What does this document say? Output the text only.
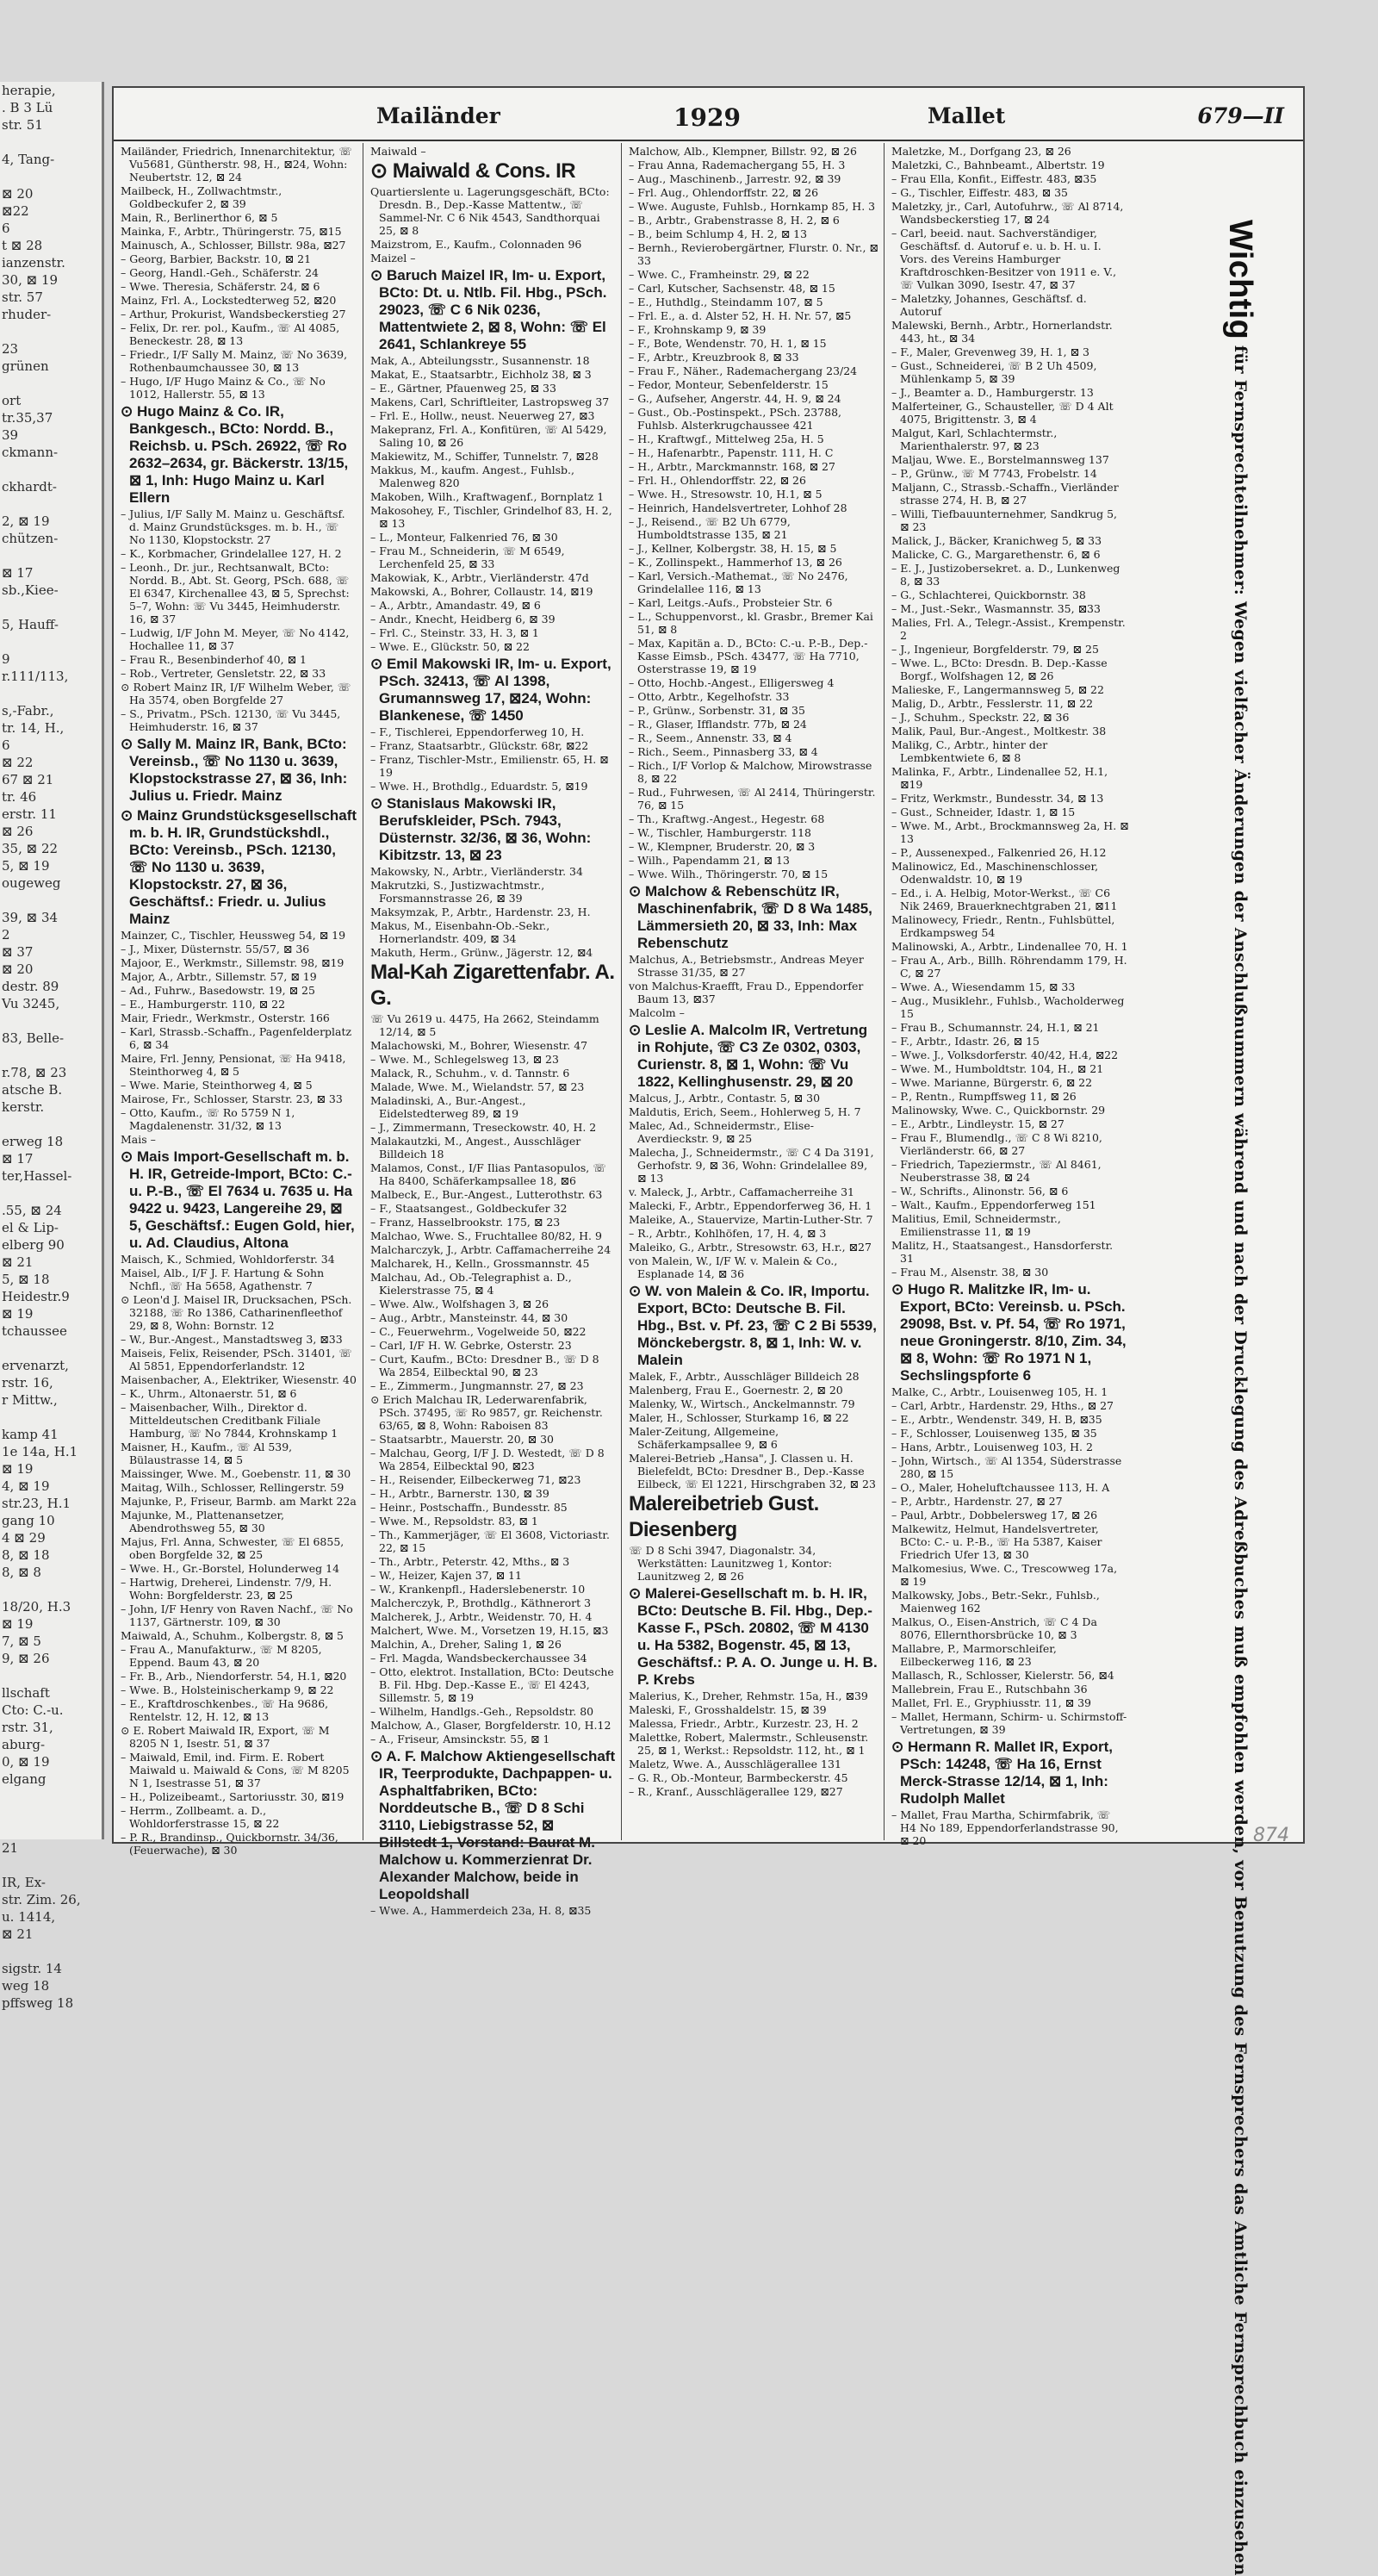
herapie,
. B 3 Lü
str. 51

4, Tang-

⊠ 20
⊠22
6
t ⊠ 28
ianzenstr.
30, ⊠ 19
str. 57
rhuder-

23
grünen

ort
tr.35,37
39
ckmann-

ckhardt-

2, ⊠ 19
chützen-

⊠ 17
sb.,Kiee-

5, Hauff-

9
r.111/113,

s,-Fabr.,
tr. 14, H.,
6
⊠ 22
67 ⊠ 21
tr. 46
erstr. 11
⊠ 26
35, ⊠ 22
5, ⊠ 19
ougeweg

39, ⊠ 34
2
⊠ 37
⊠ 20
destr. 89
Vu 3245,

83, Belle-

r.78, ⊠ 23
atsche B.
kerstr.

erweg 18
⊠ 17
ter,Hassel-

.55, ⊠ 24
el & Lip-
elberg 90
⊠ 21
5, ⊠ 18
Heidestr.9
⊠ 19
tchaussee

ervenarzt,
rstr. 16,
r Mittw.,

kamp 41
1e 14a, H.1
⊠ 19
4, ⊠ 19
str.23, H.1
gang 10
4 ⊠ 29
8, ⊠ 18
8, ⊠ 8

18/20, H.3
⊠ 19
7, ⊠ 5
9, ⊠ 26

llschaft
Cto: C.-u.
rstr. 31,
aburg-
0, ⊠ 19
elgang

21

IR, Ex-
str. Zim. 26,
u. 1414,
⊠ 21

sigstr. 14
weg 18
pffsweg 18
Mailänder	1929	Mallet	679—II
Mailänder, Friedrich, Innenarchitektur, ☏ Vu5681, Güntherstr. 98, H., ⊠24, Wohn: Neubertstr. 12, ⊠ 24
Mailbeck, H., Zollwachtmstr., Goldbeckufer 2, ⊠ 39
Main, R., Berlinerthor 6, ⊠ 5
Mainka, F., Arbtr., Thüringerstr. 75, ⊠15
Mainusch, A., Schlosser, Billstr. 98a, ⊠27
– Georg, Barbier, Backstr. 10, ⊠ 21
– Georg, Handl.-Geh., Schäferstr. 24
– Wwe. Theresia, Schäferstr. 24, ⊠ 6
Mainz, Frl. A., Lockstedterweg 52, ⊠20
– Arthur, Prokurist, Wandsbeckerstieg 27
– Felix, Dr. rer. pol., Kaufm., ☏ Al 4085, Beneckestr. 28, ⊠ 13
– Friedr., I/F Sally M. Mainz, ☏ No 3639, Rothenbaumchaussee 30, ⊠ 13
– Hugo, I/F Hugo Mainz & Co., ☏ No 1012, Hallerstr. 55, ⊠ 13
⊙ Hugo Mainz & Co. IR, Bankgesch., BCto: Nordd. B., Reichsb. u. PSch. 26922, ☏ Ro 2632–2634, gr. Bäckerstr. 13/15, ⊠ 1, Inh: Hugo Mainz u. Karl Ellern
– Julius, I/F Sally M. Mainz u. Geschäftsf. d. Mainz Grundstücksges. m. b. H., ☏ No 1130, Klopstockstr. 27
– K., Korbmacher, Grindelallee 127, H. 2
– Leonh., Dr. jur., Rechtsanwalt, BCto: Nordd. B., Abt. St. Georg, PSch. 688, ☏ El 6347, Kirchenallee 43, ⊠ 5, Sprechst: 5–7, Wohn: ☏ Vu 3445, Heimhuderstr. 16, ⊠ 37
– Ludwig, I/F John M. Meyer, ☏ No 4142, Hochallee 11, ⊠ 37
– Frau R., Besenbinderhof 40, ⊠ 1
– Rob., Vertreter, Gensletstr. 22, ⊠ 33
⊙ Robert Mainz IR, I/F Wilhelm Weber, ☏ Ha 3574, oben Borgfelde 27
– S., Privatm., PSch. 12130, ☏ Vu 3445, Heimhuderstr. 16, ⊠ 37
⊙ Sally M. Mainz IR, Bank, BCto: Vereinsb., ☏ No 1130 u. 3639, Klopstockstrasse 27, ⊠ 36, Inh: Julius u. Friedr. Mainz
⊙ Mainz Grundstücksgesellschaft m. b. H. IR, Grundstückshdl., BCto: Vereinsb., PSch. 12130, ☏ No 1130 u. 3639, Klopstockstr. 27, ⊠ 36, Geschäftsf.: Friedr. u. Julius Mainz
Mainzer, C., Tischler, Heussweg 54, ⊠ 19
– J., Mixer, Düsternstr. 55/57, ⊠ 36
Majoor, E., Werkmstr., Sillemstr. 98, ⊠19
Major, A., Arbtr., Sillemstr. 57, ⊠ 19
– Ad., Fuhrw., Basedowstr. 19, ⊠ 25
– E., Hamburgerstr. 110, ⊠ 22
Mair, Friedr., Werkmstr., Osterstr. 166
– Karl, Strassb.-Schaffn., Pagenfelderplatz 6, ⊠ 34
Maire, Frl. Jenny, Pensionat, ☏ Ha 9418, Steinthorweg 4, ⊠ 5
– Wwe. Marie, Steinthorweg 4, ⊠ 5
Mairose, Fr., Schlosser, Starstr. 23, ⊠ 33
– Otto, Kaufm., ☏ Ro 5759 N 1, Magdalenenstr. 31/32, ⊠ 13
Mais –
⊙ Mais Import-Gesellschaft m. b. H. IR, Getreide-Import, BCto: C.- u. P.-B., ☏ El 7634 u. 7635 u. Ha 9422 u. 9423, Langereihe 29, ⊠ 5, Geschäftsf.: Eugen Gold, hier, u. Ad. Claudius, Altona
Maisch, K., Schmied, Wohldorferstr. 34
Maisel, Alb., I/F J. F. Hartung & Sohn Nchfl., ☏ Ha 5658, Agathenstr. 7
⊙ Leon'd J. Maisel IR, Drucksachen, PSch. 32188, ☏ Ro 1386, Catharinenfleethof 29, ⊠ 8, Wohn: Bornstr. 12
– W., Bur.-Angest., Manstadtsweg 3, ⊠33
Maiseis, Felix, Reisender, PSch. 31401, ☏ Al 5851, Eppendorferlandstr. 12
Maisenbacher, A., Elektriker, Wiesenstr. 40
– K., Uhrm., Altonaerstr. 51, ⊠ 6
– Maisenbacher, Wilh., Direktor d. Mitteldeutschen Creditbank Filiale Hamburg, ☏ No 7844, Krohnskamp 1
Maisner, H., Kaufm., ☏ Al 539, Bülaustrasse 14, ⊠ 5
Maissinger, Wwe. M., Goebenstr. 11, ⊠ 30
Maitag, Wilh., Schlosser, Rellingerstr. 59
Majunke, P., Friseur, Barmb. am Markt 22a
Majunke, M., Plattenansetzer, Abendrothsweg 55, ⊠ 30
Majus, Frl. Anna, Schwester, ☏ El 6855, oben Borgfelde 32, ⊠ 25
– Wwe. H., Gr.-Borstel, Holunderweg 14
– Hartwig, Dreherei, Lindenstr. 7/9, H. Wohn: Borgfelderstr. 23, ⊠ 25
– John, I/F Henry von Raven Nachf., ☏ No 1137, Gärtnerstr. 109, ⊠ 30
Maiwald, A., Schuhm., Kolbergstr. 8, ⊠ 5
– Frau A., Manufakturw., ☏ M 8205, Eppend. Baum 43, ⊠ 20
– Fr. B., Arb., Niendorferstr. 54, H.1, ⊠20
– Wwe. B., Holsteinischerkamp 9, ⊠ 22
– E., Kraftdroschkenbes., ☏ Ha 9686, Rentelstr. 12, H. 12, ⊠ 13
⊙ E. Robert Maiwald IR, Export, ☏ M 8205 N 1, Isestr. 51, ⊠ 37
– Maiwald, Emil, ind. Firm. E. Robert Maiwald u. Maiwald & Cons, ☏ M 8205 N 1, Isestrasse 51, ⊠ 37
– H., Polizeibeamt., Sartoriusstr. 30, ⊠19
– Herrm., Zollbeamt. a. D., Wohldorferstrasse 15, ⊠ 22
– P. R., Brandinsp., Quickbornstr. 34/36, (Feuerwache), ⊠ 30
Maiwald –
⊙ Maiwald & Cons. IR
Quartierslente u. Lagerungsgeschäft, BCto: Dresdn. B., Dep.-Kasse Mattentw., ☏ Sammel-Nr. C 6 Nik 4543, Sandthorquai 25, ⊠ 8
Maizstrom, E., Kaufm., Colonnaden 96
Maizel –
⊙ Baruch Maizel IR, Im- u. Export, BCto: Dt. u. Ntlb. Fil. Hbg., PSch. 29023, ☏ C 6 Nik 0236, Mattentwiete 2, ⊠ 8, Wohn: ☏ El 2641, Schlankreye 55
Mak, A., Abteilungsstr., Susannenstr. 18
Makat, E., Staatsarbtr., Eichholz 38, ⊠ 3
– E., Gärtner, Pfauenweg 25, ⊠ 33
Makens, Carl, Schriftleiter, Lastropsweg 37
– Frl. E., Hollw., neust. Neuerweg 27, ⊠3
Makepranz, Frl. A., Konfitüren, ☏ Al 5429, Saling 10, ⊠ 26
Makiewitz, M., Schiffer, Tunnelstr. 7, ⊠28
Makkus, M., kaufm. Angest., Fuhlsb., Malenweg 820
Makoben, Wilh., Kraftwagenf., Bornplatz 1
Makosohey, F., Tischler, Grindelhof 83, H. 2, ⊠ 13
– L., Monteur, Falkenried 76, ⊠ 30
– Frau M., Schneiderin, ☏ M 6549, Lerchenfeld 25, ⊠ 33
Makowiak, K., Arbtr., Vierländerstr. 47d
Makowski, A., Bohrer, Collaustr. 14, ⊠19
– A., Arbtr., Amandastr. 49, ⊠ 6
– Andr., Knecht, Heidberg 6, ⊠ 39
– Frl. C., Steinstr. 33, H. 3, ⊠ 1
– Wwe. E., Glückstr. 50, ⊠ 22
⊙ Emil Makowski IR, Im- u. Export, PSch. 32413, ☏ Al 1398, Grumannsweg 17, ⊠24, Wohn: Blankenese, ☏ 1450
– F., Tischlerei, Eppendorferweg 10, H.
– Franz, Staatsarbtr., Glückstr. 68r, ⊠22
– Franz, Tischler-Mstr., Emilienstr. 65, H. ⊠ 19
– Wwe. H., Brothdlg., Eduardstr. 5, ⊠19
⊙ Stanislaus Makowski IR, Berufskleider, PSch. 7943, Düsternstr. 32/36, ⊠ 36, Wohn: Kibitzstr. 13, ⊠ 23
Makowsky, N., Arbtr., Vierländerstr. 34
Makrutzki, S., Justizwachtmstr., Forsmannstrasse 26, ⊠ 39
Maksymzak, P., Arbtr., Hardenstr. 23, H.
Makus, M., Eisenbahn-Ob.-Sekr., Hornerlandstr. 409, ⊠ 34
Makuth, Herm., Grünw., Jägerstr. 12, ⊠4
Mal-Kah Zigarettenfabr. A. G.
☏ Vu 2619 u. 4475, Ha 2662, Steindamm 12/14, ⊠ 5
Malachowski, M., Bohrer, Wiesenstr. 47
– Wwe. M., Schlegelsweg 13, ⊠ 23
Malack, R., Schuhm., v. d. Tannstr. 6
Malade, Wwe. M., Wielandstr. 57, ⊠ 23
Maladinski, A., Bur.-Angest., Eidelstedterweg 89, ⊠ 19
– J., Zimmermann, Treseckowstr. 40, H. 2
Malakautzki, M., Angest., Ausschläger Billdeich 18
Malamos, Const., I/F Ilias Pantasopulos, ☏ Ha 8400, Schäferkampsallee 18, ⊠6
Malbeck, E., Bur.-Angest., Lutterothstr. 63
– F., Staatsangest., Goldbeckufer 32
– Franz, Hasselbrookstr. 175, ⊠ 23
Malchao, Wwe. S., Fruchtallee 80/82, H. 9
Malcharczyk, J., Arbtr. Caffamacherreihe 24
Malcharek, H., Kelln., Grossmannstr. 45
Malchau, Ad., Ob.-Telegraphist a. D., Kielerstrasse 75, ⊠ 4
– Wwe. Alw., Wolfshagen 3, ⊠ 26
– Aug., Arbtr., Mansteinstr. 44, ⊠ 30
– C., Feuerwehrm., Vogelweide 50, ⊠22
– Carl, I/F H. W. Gebrke, Osterstr. 23
– Curt, Kaufm., BCto: Dresdner B., ☏ D 8 Wa 2854, Eilbecktal 90, ⊠ 23
– E., Zimmerm., Jungmannstr. 27, ⊠ 23
⊙ Erich Malchau IR, Lederwarenfabrik, PSch. 37495, ☏ Ro 9857, gr. Reichenstr. 63/65, ⊠ 8, Wohn: Raboisen 83
– Staatsarbtr., Mauerstr. 20, ⊠ 30
– Malchau, Georg, I/F J. D. Westedt, ☏ D 8 Wa 2854, Eilbecktal 90, ⊠23
– H., Reisender, Eilbeckerweg 71, ⊠23
– H., Arbtr., Barnerstr. 130, ⊠ 39
– Heinr., Postschaffn., Bundesstr. 85
– Wwe. M., Repsoldstr. 83, ⊠ 1
– Th., Kammerjäger, ☏ El 3608, Victoriastr. 22, ⊠ 15
– Th., Arbtr., Peterstr. 42, Mths., ⊠ 3
– W., Heizer, Kajen 37, ⊠ 11
– W., Krankenpfl., Haderslebenerstr. 10
Malcherczyk, P., Brothdlg., Käthnerort 3
Malcherek, J., Arbtr., Weidenstr. 70, H. 4
Malchert, Wwe. M., Vorsetzen 19, H.15, ⊠3
Malchin, A., Dreher, Saling 1, ⊠ 26
– Frl. Magda, Wandsbeckerchaussee 34
– Otto, elektrot. Installation, BCto: Deutsche B. Fil. Hbg. Dep.-Kasse E., ☏ El 4243, Sillemstr. 5, ⊠ 19
– Wilhelm, Handlgs.-Geh., Repsoldstr. 80
Malchow, A., Glaser, Borgfelderstr. 10, H.12
– A., Friseur, Amsinckstr. 55, ⊠ 1
⊙ A. F. Malchow Aktiengesellschaft IR, Teerprodukte, Dachpappen- u. Asphaltfabriken, BCto: Norddeutsche B., ☏ D 8 Schi 3110, Liebigstrasse 52, ⊠ Billstedt 1, Vorstand: Baurat M. Malchow u. Kommerzienrat Dr. Alexander Malchow, beide in Leopoldshall
– Wwe. A., Hammerdeich 23a, H. 8, ⊠35
Malchow, Alb., Klempner, Billstr. 92, ⊠ 26
– Frau Anna, Rademachergang 55, H. 3
– Aug., Maschinenb., Jarrestr. 92, ⊠ 39
– Frl. Aug., Ohlendorffstr. 22, ⊠ 26
– Wwe. Auguste, Fuhlsb., Hornkamp 85, H. 3
– B., Arbtr., Grabenstrasse 8, H. 2, ⊠ 6
– B., beim Schlump 4, H. 2, ⊠ 13
– Bernh., Revierobergärtner, Flurstr. 0. Nr., ⊠ 33
– Wwe. C., Framheinstr. 29, ⊠ 22
– Carl, Kutscher, Sachsenstr. 48, ⊠ 15
– E., Huthdlg., Steindamm 107, ⊠ 5
– Frl. E., a. d. Alster 52, H. H. Nr. 57, ⊠5
– F., Krohnskamp 9, ⊠ 39
– F., Bote, Wendenstr. 70, H. 1, ⊠ 15
– F., Arbtr., Kreuzbrook 8, ⊠ 33
– Frau F., Näher., Rademachergang 23/24
– Fedor, Monteur, Sebenfelderstr. 15
– G., Aufseher, Angerstr. 44, H. 9, ⊠ 24
– Gust., Ob.-Postinspekt., PSch. 23788, Fuhlsb. Alsterkrugchaussee 421
– H., Kraftwgf., Mittelweg 25a, H. 5
– H., Hafenarbtr., Papenstr. 111, H. C
– H., Arbtr., Marckmannstr. 168, ⊠ 27
– Frl. H., Ohlendorffstr. 22, ⊠ 26
– Wwe. H., Stresowstr. 10, H.1, ⊠ 5
– Heinrich, Handelsvertreter, Lohhof 28
– J., Reisend., ☏ B2 Uh 6779, Humboldtstrasse 135, ⊠ 21
– J., Kellner, Kolbergstr. 38, H. 15, ⊠ 5
– K., Zollinspekt., Hammerhof 13, ⊠ 26
– Karl, Versich.-Mathemat., ☏ No 2476, Grindelallee 116, ⊠ 13
– Karl, Leitgs.-Aufs., Probsteier Str. 6
– L., Schuppenvorst., kl. Grasbr., Bremer Kai 51, ⊠ 8
– Max, Kapitän a. D., BCto: C.-u. P.-B., Dep.-Kasse Eimsb., PSch. 43477, ☏ Ha 7710, Osterstrasse 19, ⊠ 19
– Otto, Hochb.-Angest., Elligersweg 4
– Otto, Arbtr., Kegelhofstr. 33
– P., Grünw., Sorbenstr. 31, ⊠ 35
– R., Glaser, Ifflandstr. 77b, ⊠ 24
– R., Seem., Annenstr. 33, ⊠ 4
– Rich., Seem., Pinnasberg 33, ⊠ 4
– Rich., I/F Vorlop & Malchow, Mirowstrasse 8, ⊠ 22
– Rud., Fuhrwesen, ☏ Al 2414, Thüringerstr. 76, ⊠ 15
– Th., Kraftwg.-Angest., Hegestr. 68
– W., Tischler, Hamburgerstr. 118
– W., Klempner, Bruderstr. 20, ⊠ 3
– Wilh., Papendamm 21, ⊠ 13
– Wwe. Wilh., Thöringerstr. 70, ⊠ 15
⊙ Malchow & Rebenschütz IR, Maschinenfabrik, ☏ D 8 Wa 1485, Lämmersieth 20, ⊠ 33, Inh: Max Rebenschutz
Malchus, A., Betriebsmstr., Andreas Meyer Strasse 31/35, ⊠ 27
von Malchus-Kraefft, Frau D., Eppendorfer Baum 13, ⊠37
Malcolm –
⊙ Leslie A. Malcolm IR, Vertretung in Rohjute, ☏ C3 Ze 0302, 0303, Curienstr. 8, ⊠ 1, Wohn: ☏ Vu 1822, Kellinghusenstr. 29, ⊠ 20
Malcus, J., Arbtr., Contastr. 5, ⊠ 30
Maldutis, Erich, Seem., Hohlerweg 5, H. 7
Malec, Ad., Schneidermstr., Elise-Averdieckstr. 9, ⊠ 25
Malecha, J., Schneidermstr., ☏ C 4 Da 3191, Gerhofstr. 9, ⊠ 36, Wohn: Grindelallee 89, ⊠ 13
v. Maleck, J., Arbtr., Caffamacherreihe 31
Malecki, F., Arbtr., Eppendorferweg 36, H. 1
Maleike, A., Stauervize, Martin-Luther-Str. 7
– R., Arbtr., Kohlhöfen, 17, H. 4, ⊠ 3
Maleiko, G., Arbtr., Stresowstr. 63, H.r., ⊠27
von Malein, W., I/F W. v. Malein & Co., Esplanade 14, ⊠ 36
⊙ W. von Malein & Co. IR, Importu. Export, BCto: Deutsche B. Fil. Hbg., Bst. v. Pf. 23, ☏ C 2 Bi 5539, Mönckebergstr. 8, ⊠ 1, Inh: W. v. Malein
Malek, F., Arbtr., Ausschläger Billdeich 28
Malenberg, Frau E., Goernestr. 2, ⊠ 20
Malenky, W., Wirtsch., Anckelmannstr. 79
Maler, H., Schlosser, Sturkamp 16, ⊠ 22
Maler-Zeitung, Allgemeine, Schäferkampsallee 9, ⊠ 6
Malerei-Betrieb „Hansa", J. Classen u. H. Bielefeldt, BCto: Dresdner B., Dep.-Kasse Eilbeck, ☏ El 1221, Hirschgraben 32, ⊠ 23
Malereibetrieb Gust. Diesenberg
☏ D 8 Schi 3947, Diagonalstr. 34, Werkstätten: Launitzweg 1, Kontor: Launitzweg 2, ⊠ 26
⊙ Malerei-Gesellschaft m. b. H. IR, BCto: Deutsche B. Fil. Hbg., Dep.-Kasse F., PSch. 20802, ☏ M 4130 u. Ha 5382, Bogenstr. 45, ⊠ 13, Geschäftsf.: P. A. O. Junge u. H. B. P. Krebs
Malerius, K., Dreher, Rehmstr. 15a, H., ⊠39
Maleski, F., Grosshaldelstr. 15, ⊠ 39
Malessa, Friedr., Arbtr., Kurzestr. 23, H. 2
Malettke, Robert, Malermstr., Schleusenstr. 25, ⊠ 1, Werkst.: Repsoldstr. 112, ht., ⊠ 1
Maletz, Wwe. A., Ausschlägerallee 131
– G. R., Ob.-Monteur, Barmbeckerstr. 45
– R., Kranf., Ausschlägerallee 129, ⊠27
Maletzke, M., Dorfgang 23, ⊠ 26
Maletzki, C., Bahnbeamt., Albertstr. 19
– Frau Ella, Konfit., Eiffestr. 483, ⊠35
– G., Tischler, Eiffestr. 483, ⊠ 35
Maletzky, jr., Carl, Autofuhrw., ☏ Al 8714, Wandsbeckerstieg 17, ⊠ 24
– Carl, beeid. naut. Sachverständiger, Geschäftsf. d. Autoruf e. u. b. H. u. I. Vors. des Vereins Hamburger Kraftdroschken-Besitzer von 1911 e. V., ☏ Vulkan 3090, Isestr. 47, ⊠ 37
– Maletzky, Johannes, Geschäftsf. d. Autoruf
Malewski, Bernh., Arbtr., Hornerlandstr. 443, ht., ⊠ 34
– F., Maler, Grevenweg 39, H. 1, ⊠ 3
– Gust., Schneiderei, ☏ B 2 Uh 4509, Mühlenkamp 5, ⊠ 39
– J., Beamter a. D., Hamburgerstr. 13
Malferteiner, G., Schausteller, ☏ D 4 Alt 4075, Brigittenstr. 3, ⊠ 4
Malgut, Karl, Schlachtermstr., Marienthalerstr. 97, ⊠ 23
Maljau, Wwe. E., Borstelmannsweg 137
– P., Grünw., ☏ M 7743, Frobelstr. 14
Maljann, C., Strassb.-Schaffn., Vierländer strasse 274, H. B, ⊠ 27
– Willi, Tiefbauunternehmer, Sandkrug 5, ⊠ 23
Malick, J., Bäcker, Kranichweg 5, ⊠ 33
Malicke, C. G., Margarethenstr. 6, ⊠ 6
– E. J., Justizobersekret. a. D., Lunkenweg 8, ⊠ 33
– G., Schlachterei, Quickbornstr. 38
– M., Just.-Sekr., Wasmannstr. 35, ⊠33
Malies, Frl. A., Telegr.-Assist., Krempenstr. 2
– J., Ingenieur, Borgfelderstr. 79, ⊠ 25
– Wwe. L., BCto: Dresdn. B. Dep.-Kasse Borgf., Wolfshagen 12, ⊠ 26
Malieske, F., Langermannsweg 5, ⊠ 22
Malig, D., Arbtr., Fesslerstr. 11, ⊠ 22
– J., Schuhm., Speckstr. 22, ⊠ 36
Malik, Paul, Bur.-Angest., Moltkestr. 38
Malikg, C., Arbtr., hinter der Lembkentwiete 6, ⊠ 8
Malinka, F., Arbtr., Lindenallee 52, H.1, ⊠19
– Fritz, Werkmstr., Bundesstr. 34, ⊠ 13
– Gust., Schneider, Idastr. 1, ⊠ 15
– Wwe. M., Arbt., Brockmannsweg 2a, H. ⊠ 13
– P., Aussenexped., Falkenried 26, H.12
Malinowicz, Ed., Maschinenschlosser, Odenwaldstr. 10, ⊠ 19
– Ed., i. A. Helbig, Motor-Werkst., ☏ C6 Nik 2469, Brauerknechtgraben 21, ⊠11
Malinowecy, Friedr., Rentn., Fuhlsbüttel, Erdkampsweg 54
Malinowski, A., Arbtr., Lindenallee 70, H. 1
– Frau A., Arb., Billh. Röhrendamm 179, H. C, ⊠ 27
– Wwe. A., Wiesendamm 15, ⊠ 33
– Aug., Musiklehr., Fuhlsb., Wacholderweg 15
– Frau B., Schumannstr. 24, H.1, ⊠ 21
– F., Arbtr., Idastr. 26, ⊠ 15
– Wwe. J., Volksdorferstr. 40/42, H.4, ⊠22
– Wwe. M., Humboldtstr. 104, H., ⊠ 21
– Wwe. Marianne, Bürgerstr. 6, ⊠ 22
– P., Rentn., Rumpffsweg 11, ⊠ 26
Malinowsky, Wwe. C., Quickbornstr. 29
– E., Arbtr., Lindleystr. 15, ⊠ 27
– Frau F., Blumendlg., ☏ C 8 Wi 8210, Vierländerstr. 66, ⊠ 27
– Friedrich, Tapeziermstr., ☏ Al 8461, Neuberstrasse 38, ⊠ 24
– W., Schrifts., Alinonstr. 56, ⊠ 6
– Walt., Kaufm., Eppendorferweg 151
Malitius, Emil, Schneidermstr., Emilienstrasse 11, ⊠ 19
Malitz, H., Staatsangest., Hansdorferstr. 31
– Frau M., Alsenstr. 38, ⊠ 30
⊙ Hugo R. Malitzke IR, Im- u. Export, BCto: Vereinsb. u. PSch. 29098, Bst. v. Pf. 54, ☏ Ro 1971, neue Groningerstr. 8/10, Zim. 34, ⊠ 8, Wohn: ☏ Ro 1971 N 1, Sechslingspforte 6
Malke, C., Arbtr., Louisenweg 105, H. 1
– Carl, Arbtr., Hardenstr. 29, Hths., ⊠ 27
– E., Arbtr., Wendenstr. 349, H. B, ⊠35
– F., Schlosser, Louisenweg 135, ⊠ 35
– Hans, Arbtr., Louisenweg 103, H. 2
– John, Wirtsch., ☏ Al 1354, Süderstrasse 280, ⊠ 15
– O., Maler, Hoheluftchaussee 113, H. A
– P., Arbtr., Hardenstr. 27, ⊠ 27
– Paul, Arbtr., Dobbelersweg 17, ⊠ 26
Malkewitz, Helmut, Handelsvertreter, BCto: C.- u. P.-B., ☏ Ha 5387, Kaiser Friedrich Ufer 13, ⊠ 30
Malkomesius, Wwe. C., Trescowweg 17a, ⊠ 19
Malkowsky, Jobs., Betr.-Sekr., Fuhlsb., Maienweg 162
Malkus, O., Eisen-Anstrich, ☏ C 4 Da 8076, Ellernthorsbrücke 10, ⊠ 3
Mallabre, P., Marmorschleifer, Eilbeckerweg 116, ⊠ 23
Mallasch, R., Schlosser, Kielerstr. 56, ⊠4
Mallebrein, Frau E., Rutschbahn 36
Mallet, Frl. E., Gryphiusstr. 11, ⊠ 39
– Mallet, Hermann, Schirm- u. Schirmstoff-Vertretungen, ⊠ 39
⊙ Hermann R. Mallet IR, Export, PSch: 14248, ☏ Ha 16, Ernst Merck-Strasse 12/14, ⊠ 1, Inh: Rudolph Mallet
– Mallet, Frau Martha, Schirmfabrik, ☏ H4 No 189, Eppendorferlandstrasse 90, ⊠ 20
Wichtig für Fernsprechteilnehmer: Wegen vielfacher Änderungen der Anschlußnummern während und nach der Drucklegung des Adreßbuches muß empfohlen werden, vor Benutzung des Fernsprechers das Amtliche Fernsprechbuch einzusehen 874
